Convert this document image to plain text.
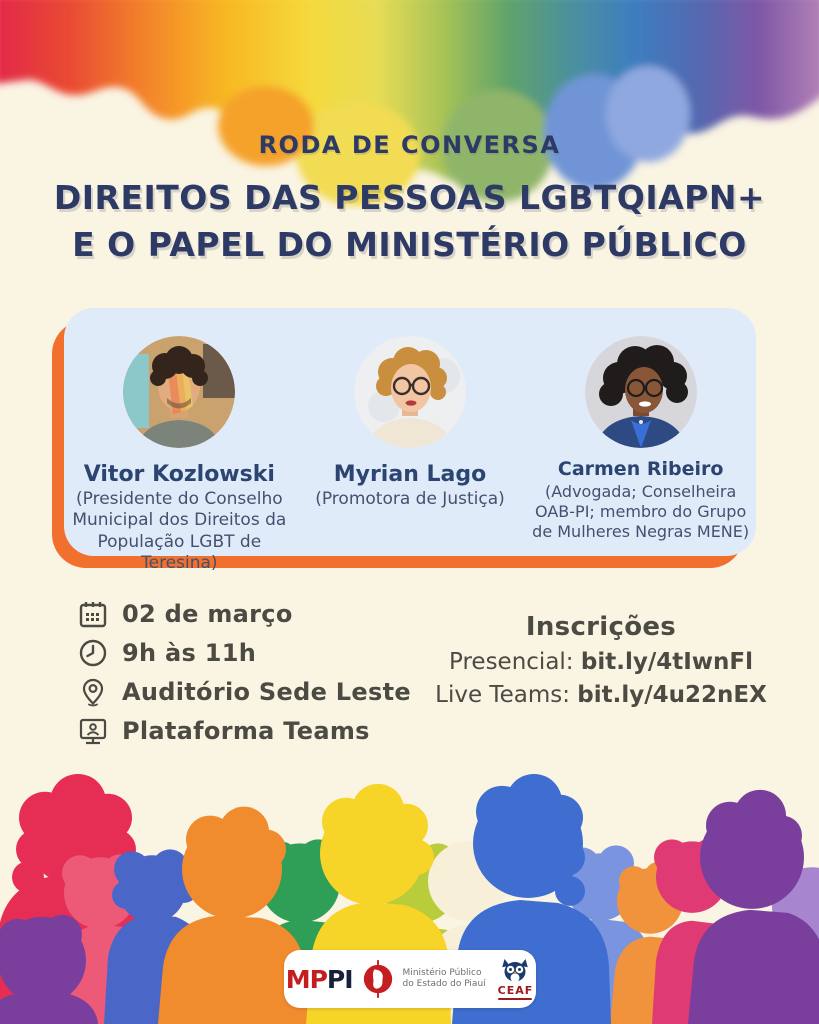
RODA DE CONVERSA
DIREITOS DAS PESSOAS LGBTQIAPN+
E O PAPEL DO MINISTÉRIO PÚBLICO
Vitor Kozlowski
(Presidente do Conselho Municipal dos Direitos da População LGBT de Teresina)
Myrian Lago
(Promotora de Justiça)
Carmen Ribeiro
(Advogada; Conselheira OAB-PI; membro do Grupo de Mulheres Negras MENE)
02 de março
9h às 11h
Auditório Sede Leste
Plataforma Teams
Inscrições
Presencial: bit.ly/4tIwnFl
Live Teams: bit.ly/4u22nEX
MPPI	Ministério Público
do Estado do Piauí CEAF
